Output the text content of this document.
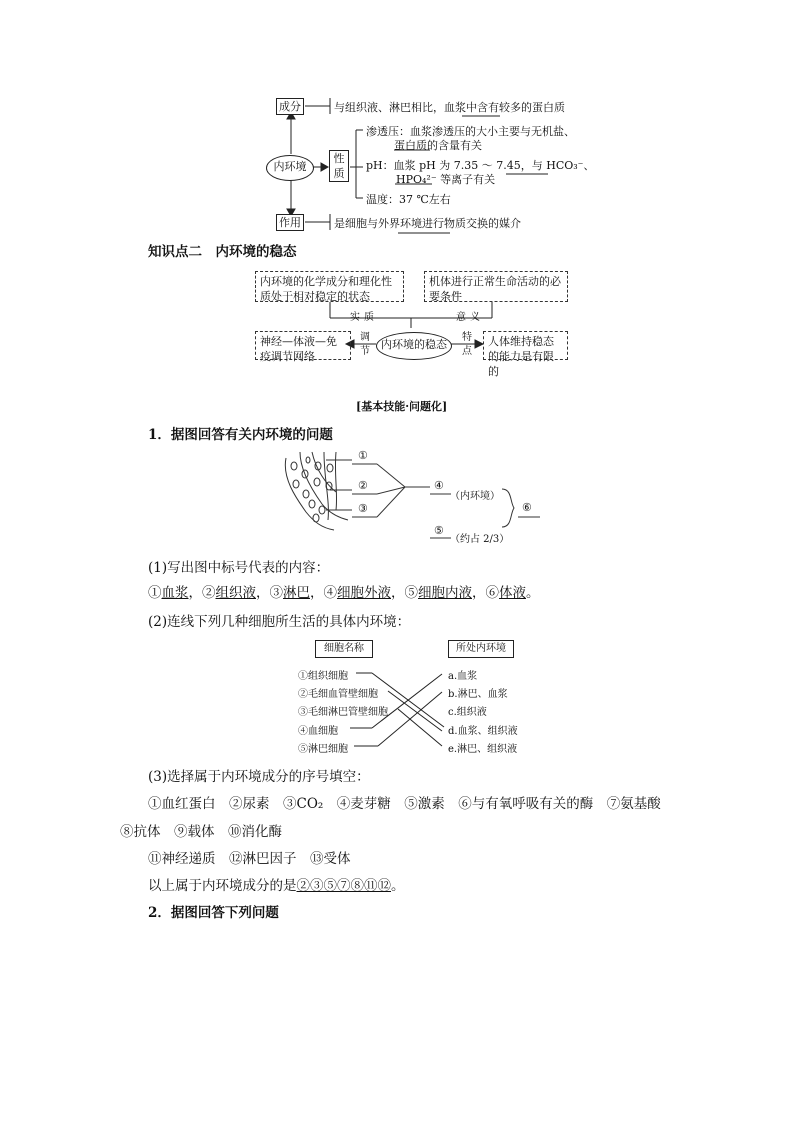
成分	与组织液、淋巴相比，血浆中含有较多的蛋白质
内环境
性
质
渗透压：血浆渗透压的大小主要与无机盐、
蛋白质的含量有关
pH：血浆 pH 为 7.35 ～ 7.45，与 HCO₃⁻、
HPO₄²⁻ 等离子有关
温度：37 ℃左右
作用	是细胞与外界环境进行物质交换的媒介
知识点二　内环境的稳态
内环境的化学成分和理化性质处于相对稳定的状态
机体进行正常生命活动的必要条件
实质	意义
神经—体液—免疫调节网络
调
节
内环境的稳态
特
点
人体维持稳态的能力是有限的
[基本技能·问题化]
1．据图回答有关内环境的问题
①
②
③
④
（内环境）
⑤
（约占 2/3）
⑥
(1)写出图中标号代表的内容：
①血浆，②组织液，③淋巴，④细胞外液，⑤细胞内液，⑥体液。
(2)连线下列几种细胞所生活的具体内环境：
细胞名称	所处内环境
①组织细胞
②毛细血管壁细胞
③毛细淋巴管壁细胞
④血细胞
⑤淋巴细胞
a.血浆
b.淋巴、血浆
c.组织液
d.血浆、组织液
e.淋巴、组织液
(3)选择属于内环境成分的序号填空：
①血红蛋白　②尿素　③CO₂　④麦芽糖　⑤激素　⑥与有氧呼吸有关的酶　⑦氨基酸
⑧抗体　⑨载体　⑩消化酶
⑪神经递质　⑫淋巴因子　⑬受体
以上属于内环境成分的是②③⑤⑦⑧⑪⑫。
2．据图回答下列问题
